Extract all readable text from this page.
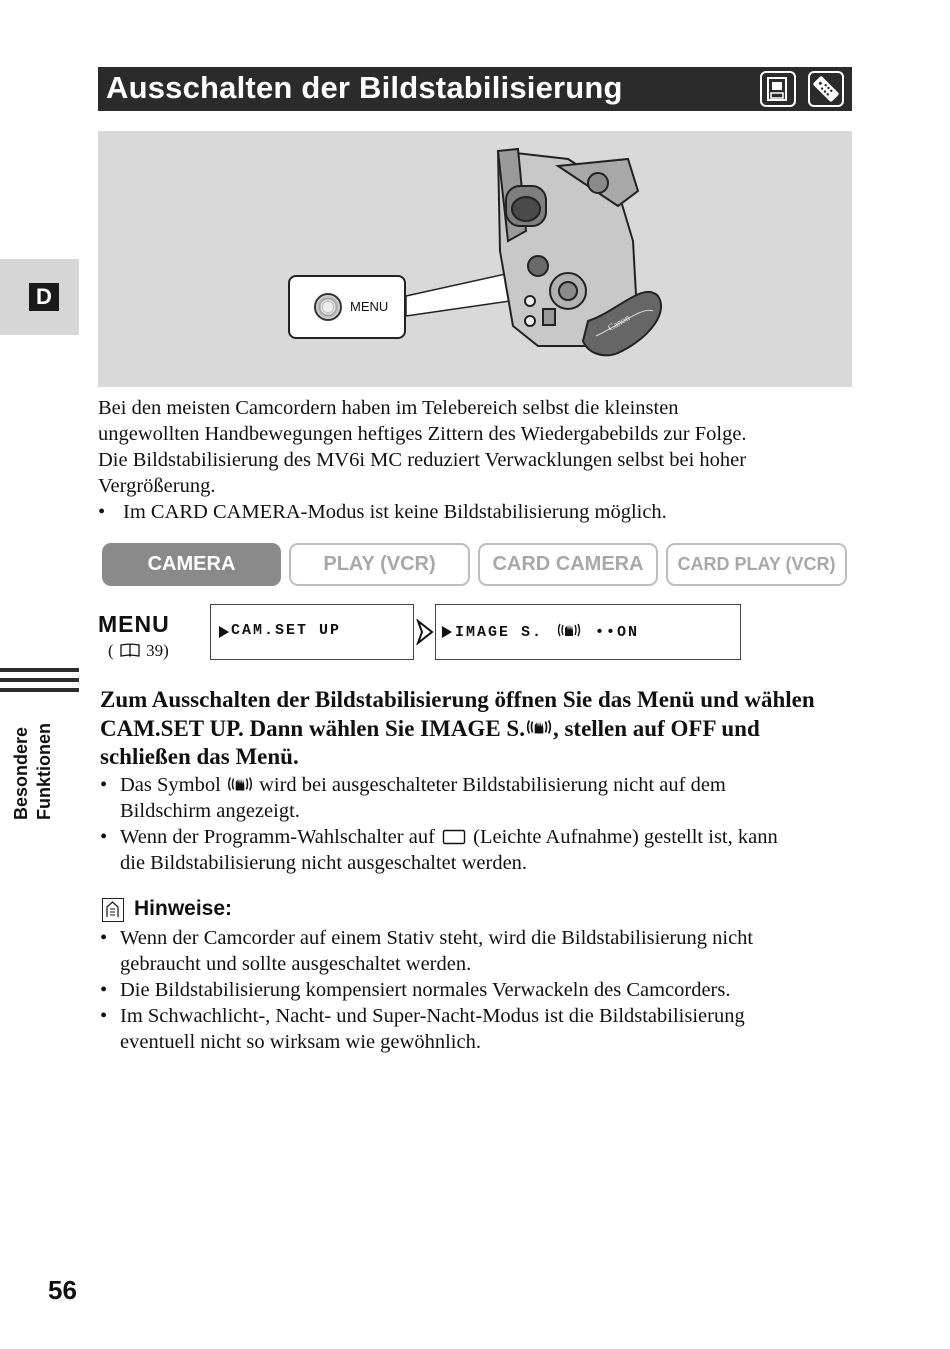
Ausschalten der Bildstabilisierung
D
Besondere Funktionen
Canon
MENU
Bei den meisten Camcordern haben im Telebereich selbst die kleinsten
ungewollten Handbewegungen heftiges Zittern des Wiedergabebilds zur Folge.
Die Bildstabilisierung des MV6i MC reduziert Verwacklungen selbst bei hoher
Vergrößerung.
• Im CARD CAMERA-Modus ist keine Bildstabilisierung möglich.
CAMERA	PLAY (VCR)	CARD CAMERA	CARD PLAY (VCR)
MENU
( 39)
CAM.SET UP	IMAGE S.	••ON
Zum Ausschalten der Bildstabilisierung öffnen Sie das Menü und wählen CAM.SET UP. Dann wählen Sie IMAGE S. , stellen auf OFF und schließen das Menü.
• Das Symbol wird bei ausgeschalteter Bildstabilisierung nicht auf dem
Bildschirm angezeigt.
• Wenn der Programm-Wahlschalter auf (Leichte Aufnahme) gestellt ist, kann
die Bildstabilisierung nicht ausgeschaltet werden.
Hinweise:
• Wenn der Camcorder auf einem Stativ steht, wird die Bildstabilisierung nicht
gebraucht und sollte ausgeschaltet werden.
• Die Bildstabilisierung kompensiert normales Verwackeln des Camcorders.
• Im Schwachlicht-, Nacht- und Super-Nacht-Modus ist die Bildstabilisierung
eventuell nicht so wirksam wie gewöhnlich.
56
